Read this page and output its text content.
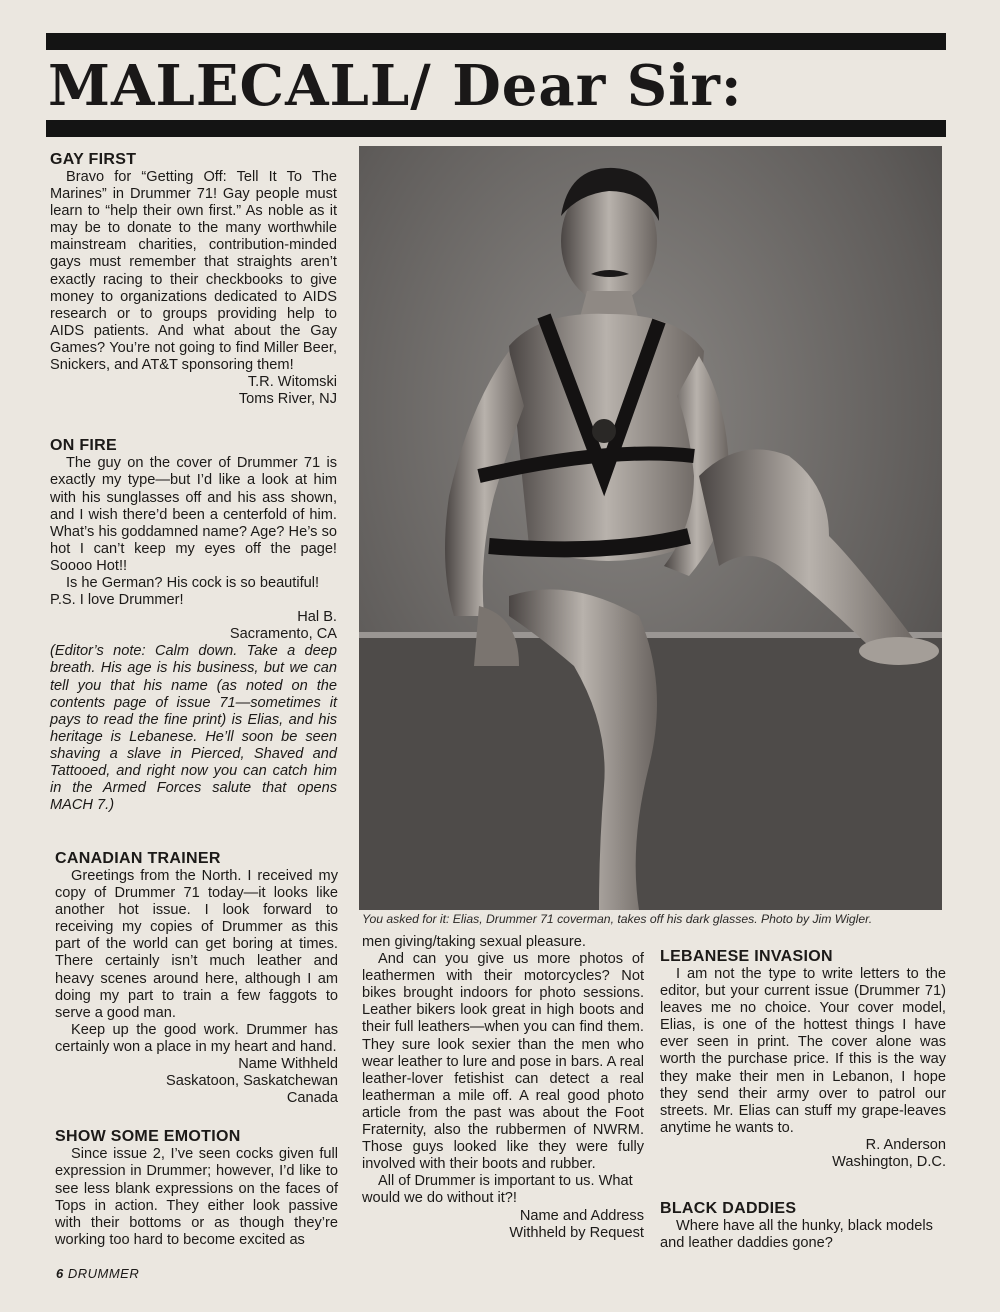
MALECALL/ Dear Sir:
GAY FIRST

Bravo for “Getting Off: Tell It To The Marines” in Drummer 71! Gay people must learn to “help their own first.” As noble as it may be to donate to the many worthwhile mainstream charities, contribution-minded gays must remember that straights aren’t exactly racing to their checkbooks to give money to organizations dedicated to AIDS research or to groups providing help to AIDS patients. And what about the Gay Games? You’re not going to find Miller Beer, Snickers, and AT&T sponsoring them!

T.R. Witomski
Toms River, NJ
ON FIRE

The guy on the cover of Drummer 71 is exactly my type—but I’d like a look at him with his sunglasses off and his ass shown, and I wish there’d been a centerfold of him. What’s his goddamned name? Age? He’s so hot I can’t keep my eyes off the page! Soooo Hot!!

Is he German? His cock is so beautiful! P.S. I love Drummer!

Hal B.
Sacramento, CA
(Editor’s note: Calm down. Take a deep breath. His age is his business, but we can tell you that his name (as noted on the contents page of issue 71—sometimes it pays to read the fine print) is Elias, and his heritage is Lebanese. He’ll soon be seen shaving a slave in Pierced, Shaved and Tattooed, and right now you can catch him in the Armed Forces salute that opens MACH 7.)
CANADIAN TRAINER

Greetings from the North. I received my copy of Drummer 71 today—it looks like another hot issue. I look forward to receiving my copies of Drummer as this part of the world can get boring at times. There certainly isn’t much leather and heavy scenes around here, although I am doing my part to train a few faggots to serve a good man.

Keep up the good work. Drummer has certainly won a place in my heart and hand.

Name Withheld
Saskatoon, Saskatchewan
Canada
SHOW SOME EMOTION

Since issue 2, I’ve seen cocks given full expression in Drummer; however, I’d like to see less blank expressions on the faces of Tops in action. They either look passive with their bottoms or as though they’re working too hard to become excited as

You asked for it: Elias, Drummer 71 coverman, takes off his dark glasses. Photo by Jim Wigler.
men giving/taking sexual pleasure.

And can you give us more photos of leathermen with their motorcycles? Not bikes brought indoors for photo sessions. Leather bikers look great in high boots and their full leathers—when you can find them. They sure look sexier than the men who wear leather to lure and pose in bars. A real leather-lover fetishist can detect a real leatherman a mile off. A real good photo article from the past was about the Foot Fraternity, also the rubbermen of NWRM. Those guys looked like they were fully involved with their boots and rubber.

All of Drummer is important to us. What would we do without it?!

Name and Address
Withheld by Request
LEBANESE INVASION

I am not the type to write letters to the editor, but your current issue (Drummer 71) leaves me no choice. Your cover model, Elias, is one of the hottest things I have ever seen in print. The cover alone was worth the purchase price. If this is the way they make their men in Lebanon, I hope they send their army over to patrol our streets. Mr. Elias can stuff my grape-leaves anytime he wants to.

R. Anderson
Washington, D.C.
BLACK DADDIES

Where have all the hunky, black models and leather daddies gone?

6 DRUMMER
